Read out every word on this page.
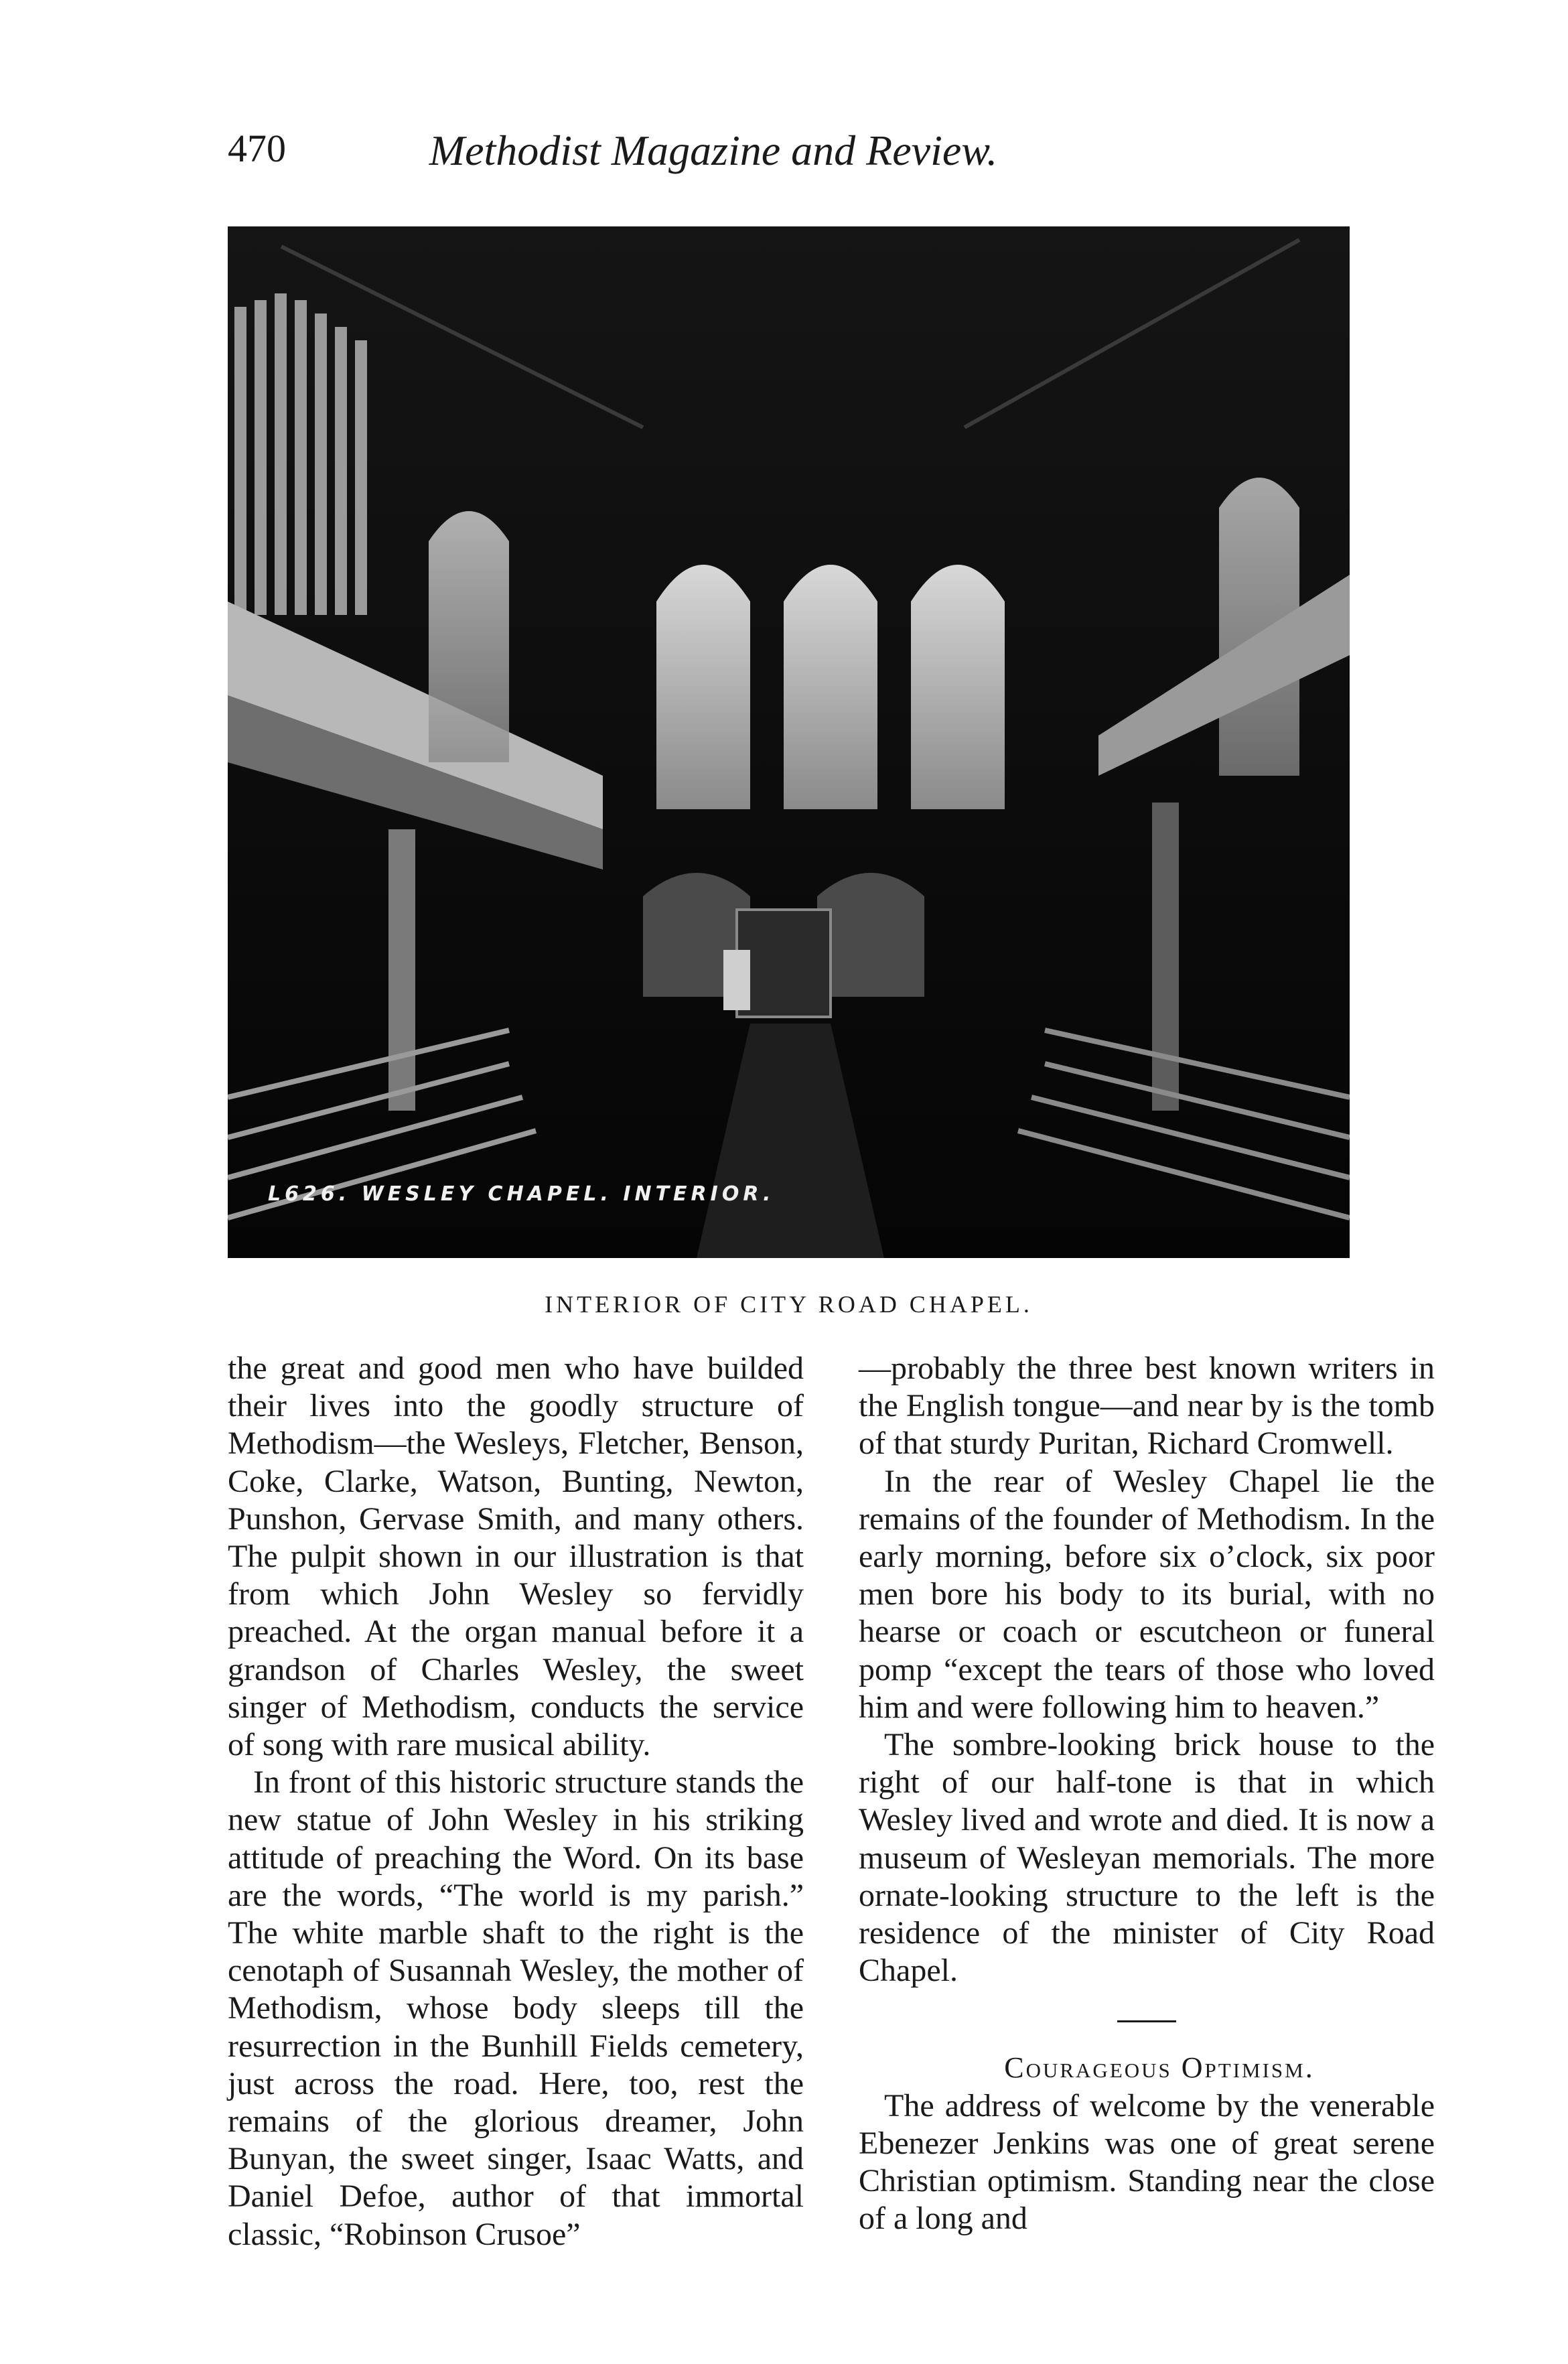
470	Methodist Magazine and Review.
L626. WESLEY CHAPEL. INTERIOR.
INTERIOR OF CITY ROAD CHAPEL.

the great and good men who have builded their lives into the goodly structure of Methodism—the Wesleys, Fletcher, Benson, Coke, Clarke, Watson, Bunting, Newton, Punshon, Gervase Smith, and many others. The pulpit shown in our illustration is that from which John Wesley so fervidly preached. At the organ manual before it a grandson of Charles Wesley, the sweet singer of Methodism, conducts the service of song with rare musical ability.

In front of this historic structure stands the new statue of John Wesley in his striking attitude of preaching the Word. On its base are the words, “The world is my parish.” The white marble shaft to the right is the cenotaph of Susannah Wesley, the mother of Methodism, whose body sleeps till the resurrection in the Bunhill Fields cemetery, just across the road. Here, too, rest the remains of the glorious dreamer, John Bunyan, the sweet singer, Isaac Watts, and Daniel Defoe, author of that immortal classic, “Robinson Crusoe”

—probably the three best known writers in the English tongue—and near by is the tomb of that sturdy Puritan, Richard Cromwell.

In the rear of Wesley Chapel lie the remains of the founder of Methodism. In the early morning, before six o’clock, six poor men bore his body to its burial, with no hearse or coach or escutcheon or funeral pomp “except the tears of those who loved him and were following him to heaven.”

The sombre-looking brick house to the right of our half-tone is that in which Wesley lived and wrote and died. It is now a museum of Wesleyan memorials. The more ornate-looking structure to the left is the residence of the minister of City Road Chapel.

Courageous Optimism.

The address of welcome by the venerable Ebenezer Jenkins was one of great serene Christian optimism. Standing near the close of a long and
